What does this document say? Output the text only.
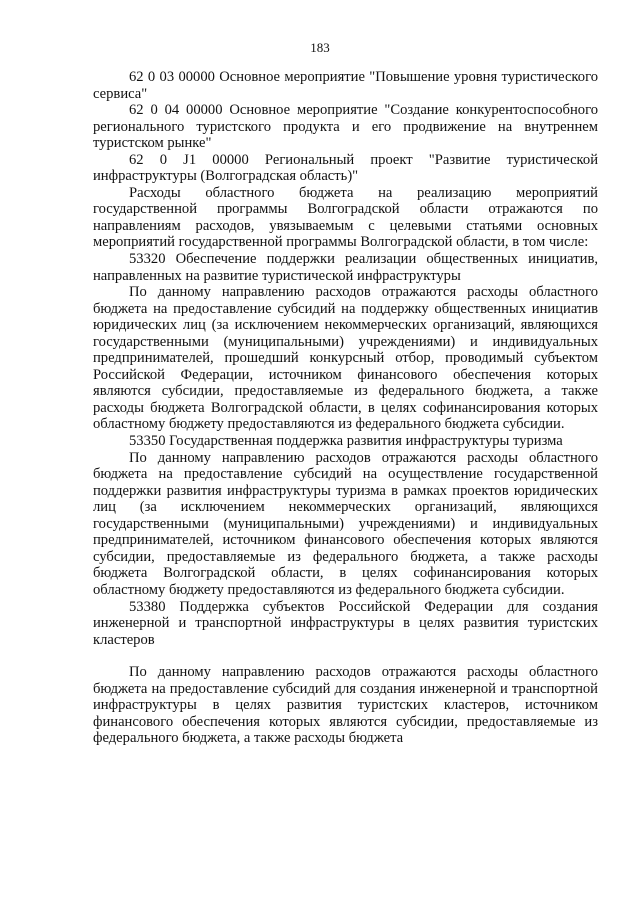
183

62 0 03 00000 Основное мероприятие "Повышение уровня туристического сервиса"

62 0 04 00000 Основное мероприятие "Создание конкурентоспособного регионального туристского продукта и его продвижение на внутреннем туристском рынке"

62 0 J1 00000 Региональный проект "Развитие туристической инфраструктуры (Волгоградская область)"

Расходы областного бюджета на реализацию мероприятий государственной программы Волгоградской области отражаются по направлениям расходов, увязываемым с целевыми статьями основных мероприятий государственной программы Волгоградской области, в том числе:

53320 Обеспечение поддержки реализации общественных инициатив, направленных на развитие туристической инфраструктуры

По данному направлению расходов отражаются расходы областного бюджета на предоставление субсидий на поддержку общественных инициатив юридических лиц (за исключением некоммерческих организаций, являющихся государственными (муниципальными) учреждениями) и индивидуальных предпринимателей, прошедший конкурсный отбор, проводимый субъектом Российской Федерации, источником финансового обеспечения которых являются субсидии, предоставляемые из федерального бюджета, а также расходы бюджета Волгоградской области, в целях софинансирования которых областному бюджету предоставляются из федерального бюджета субсидии.

53350 Государственная поддержка развития инфраструктуры туризма

По данному направлению расходов отражаются расходы областного бюджета на предоставление субсидий на осуществление государственной поддержки развития инфраструктуры туризма в рамках проектов юридических лиц (за исключением некоммерческих организаций, являющихся государственными (муниципальными) учреждениями) и индивидуальных предпринимателей, источником финансового обеспечения которых являются субсидии, предоставляемые из федерального бюджета, а также расходы бюджета Волгоградской области, в целях софинансирования которых областному бюджету предоставляются из федерального бюджета субсидии.

53380 Поддержка субъектов Российской Федерации для создания инженерной и транспортной инфраструктуры в целях развития туристских кластеров

По данному направлению расходов отражаются расходы областного бюджета на предоставление субсидий для создания инженерной и транспортной инфраструктуры в целях развития туристских кластеров, источником финансового обеспечения которых являются субсидии, предоставляемые из федерального бюджета, а также расходы бюджета
